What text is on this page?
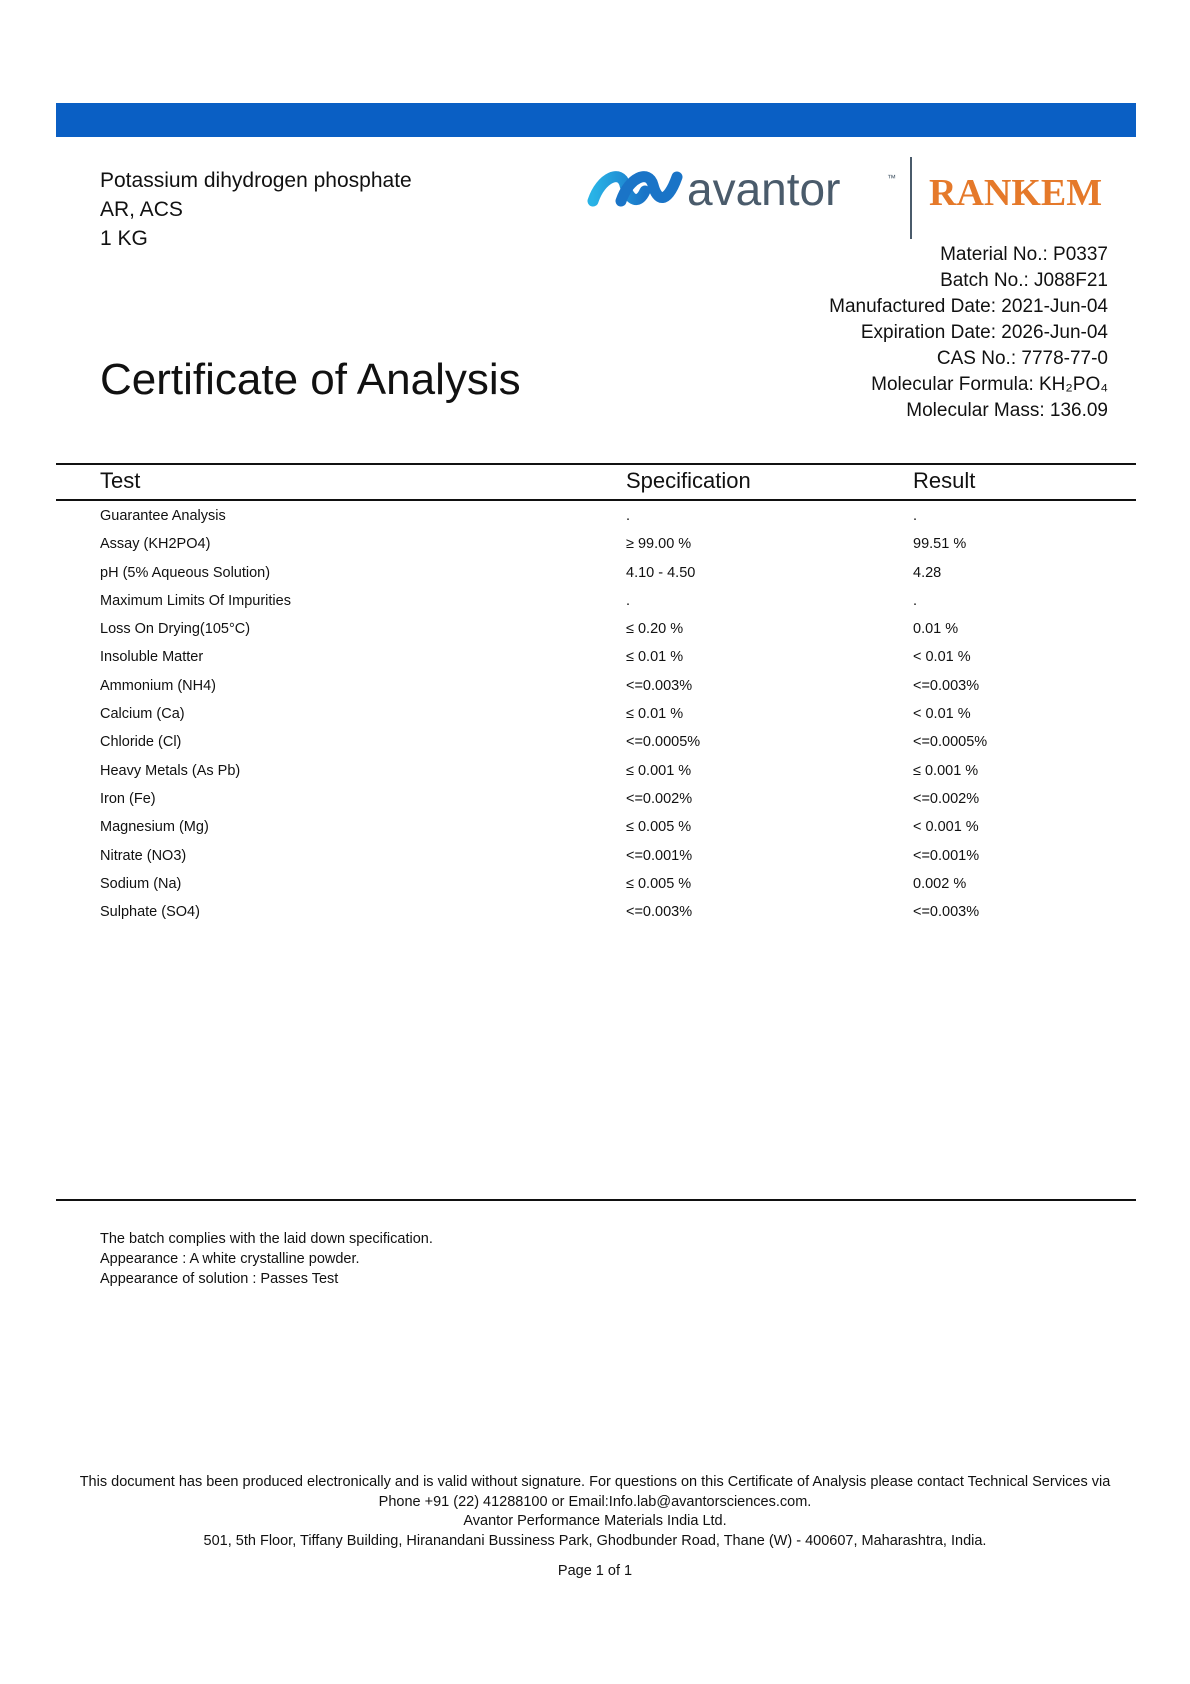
Potassium dihydrogen phosphate
AR, ACS
1 KG
avantor	™ RANKEM
Material No.: P0337
Batch No.: J088F21
Manufactured Date: 2021-Jun-04
Expiration Date: 2026-Jun-04
CAS No.: 7778-77-0
Molecular Formula: KH₂PO₄
Molecular Mass: 136.09
Certificate of Analysis
Test	Specification	Result
Guarantee Analysis	.	.
Assay (KH2PO4)	≥ 99.00 %	99.51 %
pH (5% Aqueous Solution)	4.10 - 4.50	4.28
Maximum Limits Of Impurities	.	.
Loss On Drying(105°C)	≤ 0.20 %	0.01 %
Insoluble Matter	≤ 0.01 %	< 0.01 %
Ammonium (NH4)	<=0.003%	<=0.003%
Calcium (Ca)	≤ 0.01 %	< 0.01 %
Chloride (Cl)	<=0.0005%	<=0.0005%
Heavy Metals (As Pb)	≤ 0.001 %	≤ 0.001 %
Iron (Fe)	<=0.002%	<=0.002%
Magnesium (Mg)	≤ 0.005 %	< 0.001 %
Nitrate (NO3)	<=0.001%	<=0.001%
Sodium (Na)	≤ 0.005 %	0.002 %
Sulphate (SO4)	<=0.003%	<=0.003%
The batch complies with the laid down specification.
Appearance : A white crystalline powder.
Appearance of solution : Passes Test
This document has been produced electronically and is valid without signature. For questions on this Certificate of Analysis please contact Technical Services via
Phone +91 (22) 41288100 or Email:Info.lab@avantorsciences.com.
Avantor Performance Materials India Ltd.
501, 5th Floor, Tiffany Building, Hiranandani Bussiness Park, Ghodbunder Road, Thane (W) - 400607, Maharashtra, India.
Page 1 of 1
